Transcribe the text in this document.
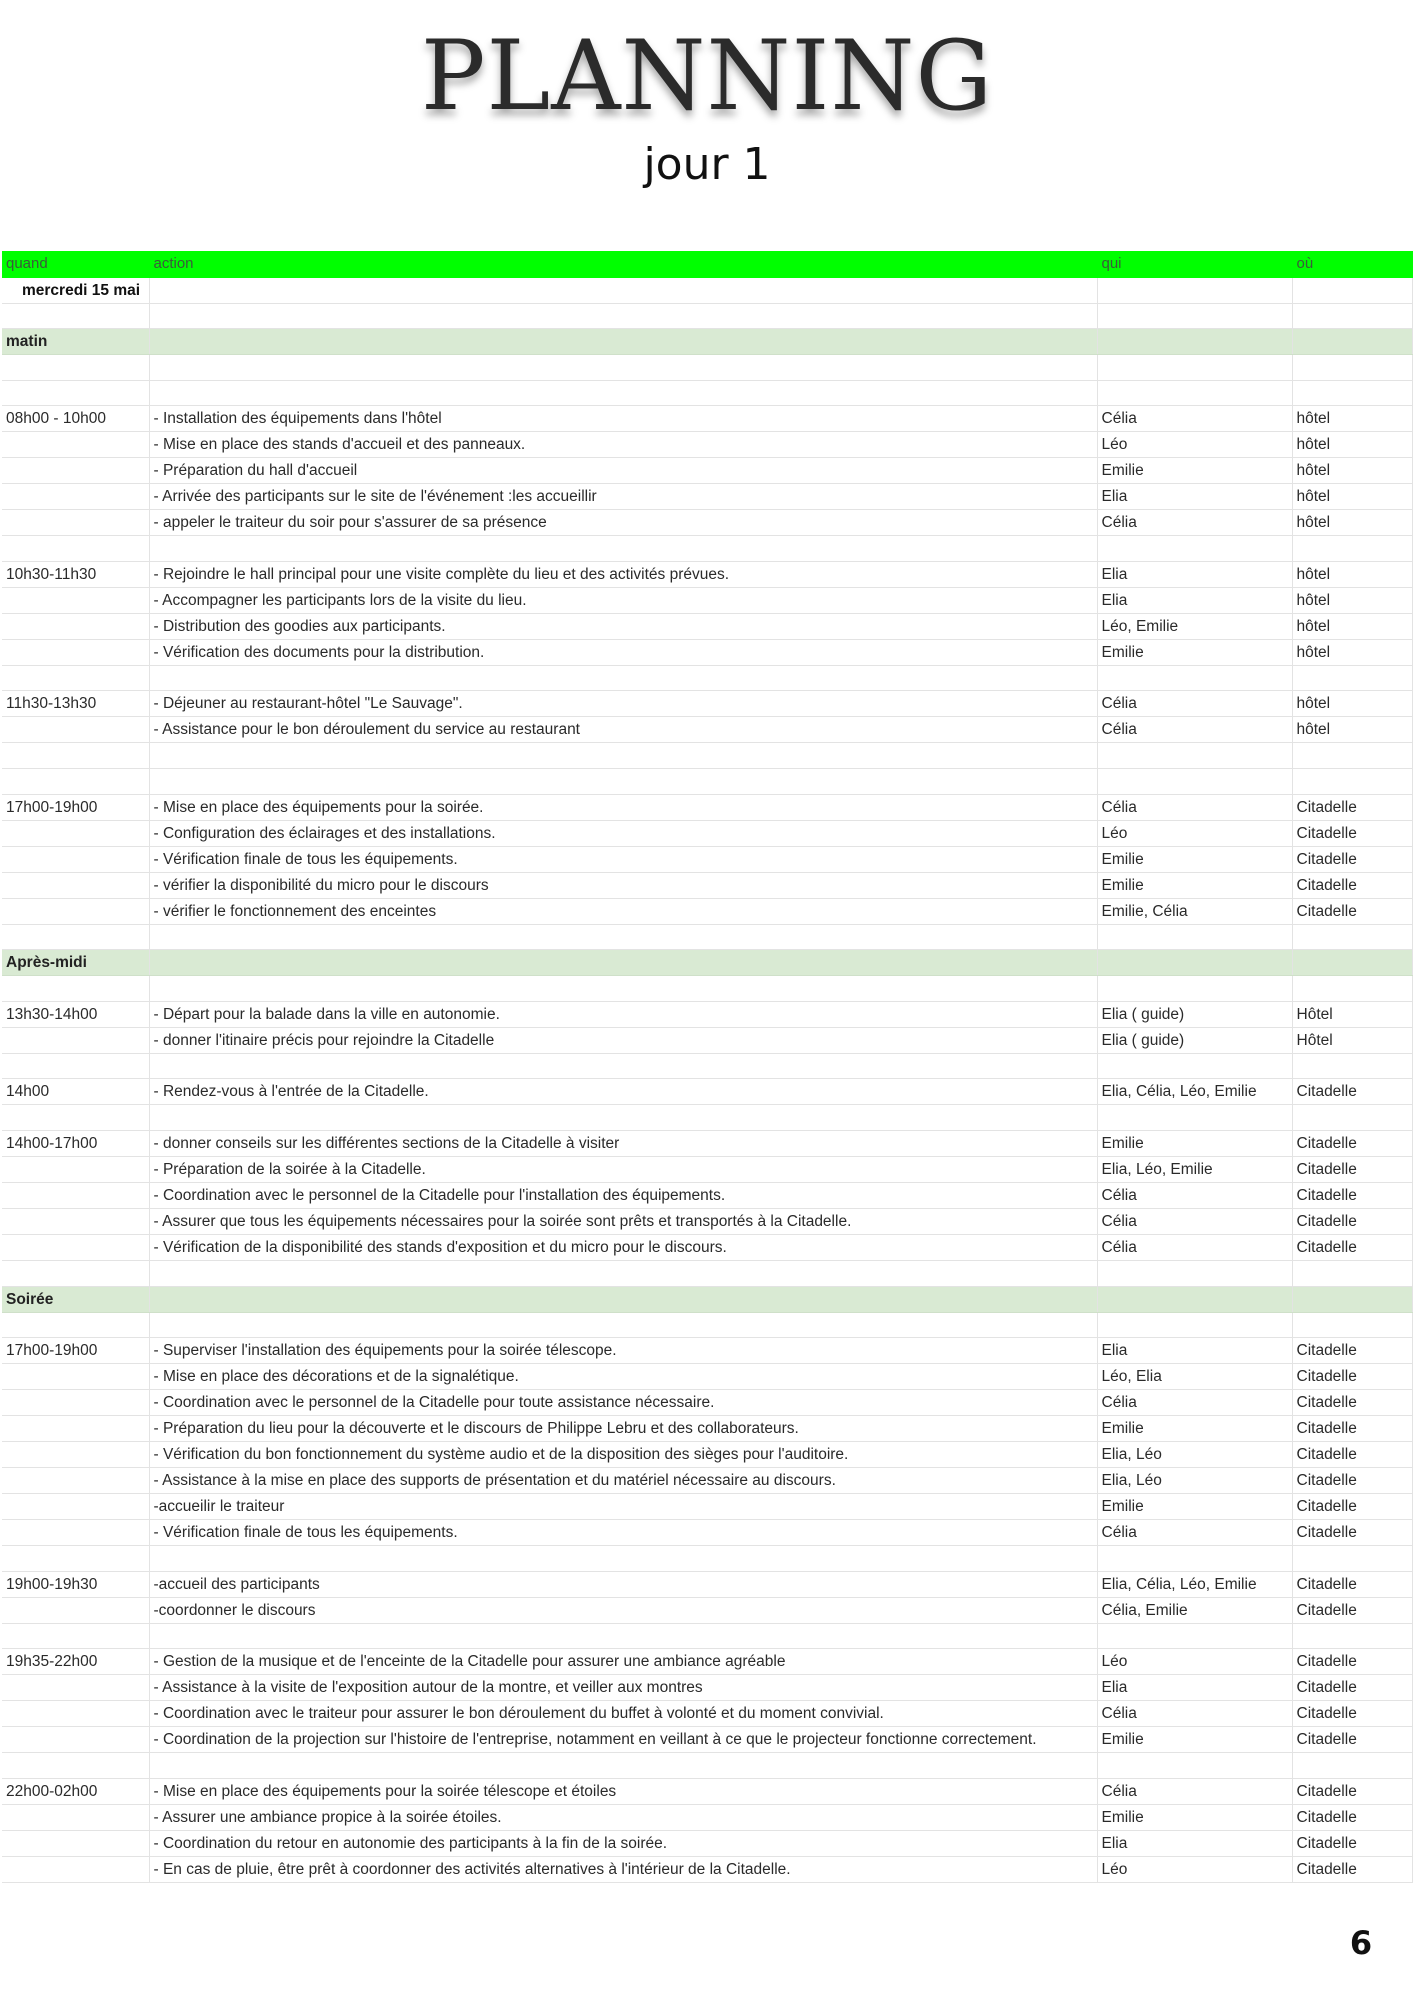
PLANNING
jour 1
quand	action	qui	où
mercredi 15 mai			

matin			

08h00 - 10h00	- Installation des équipements dans l'hôtel	Célia	hôtel
	- Mise en place des stands d'accueil et des panneaux.	Léo	hôtel
	- Préparation du hall d'accueil	Emilie	hôtel
	- Arrivée des participants sur le site de l'événement :les accueillir	Elia	hôtel
	- appeler le traiteur du soir pour s'assurer de sa présence	Célia	hôtel

10h30-11h30	- Rejoindre le hall principal pour une visite complète du lieu et des activités prévues.	Elia	hôtel
	- Accompagner les participants lors de la visite du lieu.	Elia	hôtel
	- Distribution des goodies aux participants.	Léo, Emilie	hôtel
	- Vérification des documents pour la distribution.	Emilie	hôtel

11h30-13h30	- Déjeuner au restaurant-hôtel "Le Sauvage".	Célia	hôtel
	- Assistance pour le bon déroulement du service au restaurant	Célia	hôtel

17h00-19h00	- Mise en place des équipements pour la soirée.	Célia	Citadelle
	- Configuration des éclairages et des installations.	Léo	Citadelle
	- Vérification finale de tous les équipements.	Emilie	Citadelle
	- vérifier la disponibilité du micro pour le discours	Emilie	Citadelle
	- vérifier le fonctionnement des enceintes	Emilie, Célia	Citadelle

Après-midi			

13h30-14h00	- Départ pour la balade dans la ville en autonomie.	Elia ( guide)	Hôtel
	- donner l'itinaire précis pour rejoindre la Citadelle	Elia ( guide)	Hôtel

14h00	- Rendez-vous à l'entrée de la Citadelle.	Elia, Célia, Léo, Emilie	Citadelle

14h00-17h00	- donner conseils sur les différentes sections de la Citadelle à visiter	Emilie	Citadelle
	- Préparation de la soirée à la Citadelle.	Elia, Léo, Emilie	Citadelle
	- Coordination avec le personnel de la Citadelle pour l'installation des équipements.	Célia	Citadelle
	- Assurer que tous les équipements nécessaires pour la soirée sont prêts et transportés à la Citadelle.	Célia	Citadelle
	- Vérification de la disponibilité des stands d'exposition et du micro pour le discours.	Célia	Citadelle

Soirée			

17h00-19h00	- Superviser l'installation des équipements pour la soirée télescope.	Elia	Citadelle
	- Mise en place des décorations et de la signalétique.	Léo, Elia	Citadelle
	- Coordination avec le personnel de la Citadelle pour toute assistance nécessaire.	Célia	Citadelle
	- Préparation du lieu pour la découverte et le discours de Philippe Lebru et des collaborateurs.	Emilie	Citadelle
	- Vérification du bon fonctionnement du système audio et de la disposition des sièges pour l'auditoire.	Elia, Léo	Citadelle
	- Assistance à la mise en place des supports de présentation et du matériel nécessaire au discours.	Elia, Léo	Citadelle
	-accueilir le traiteur	Emilie	Citadelle
	- Vérification finale de tous les équipements.	Célia	Citadelle

19h00-19h30	-accueil des participants	Elia, Célia, Léo, Emilie	Citadelle
	-coordonner le discours	Célia, Emilie	Citadelle

19h35-22h00	- Gestion de la musique et de l'enceinte de la Citadelle pour assurer une ambiance agréable	Léo	Citadelle
	- Assistance à la visite de l'exposition autour de la montre, et veiller aux montres	Elia	Citadelle
	- Coordination avec le traiteur pour assurer le bon déroulement du buffet à volonté et du moment convivial.	Célia	Citadelle
	- Coordination de la projection sur l'histoire de l'entreprise, notamment en veillant à ce que le projecteur fonctionne correctement.	Emilie	Citadelle

22h00-02h00	- Mise en place des équipements pour la soirée télescope et étoiles	Célia	Citadelle
	- Assurer une ambiance propice à la soirée étoiles.	Emilie	Citadelle
	- Coordination du retour en autonomie des participants à la fin de la soirée.	Elia	Citadelle
	- En cas de pluie, être prêt à coordonner des activités alternatives à l'intérieur de la Citadelle.	Léo	Citadelle
6
